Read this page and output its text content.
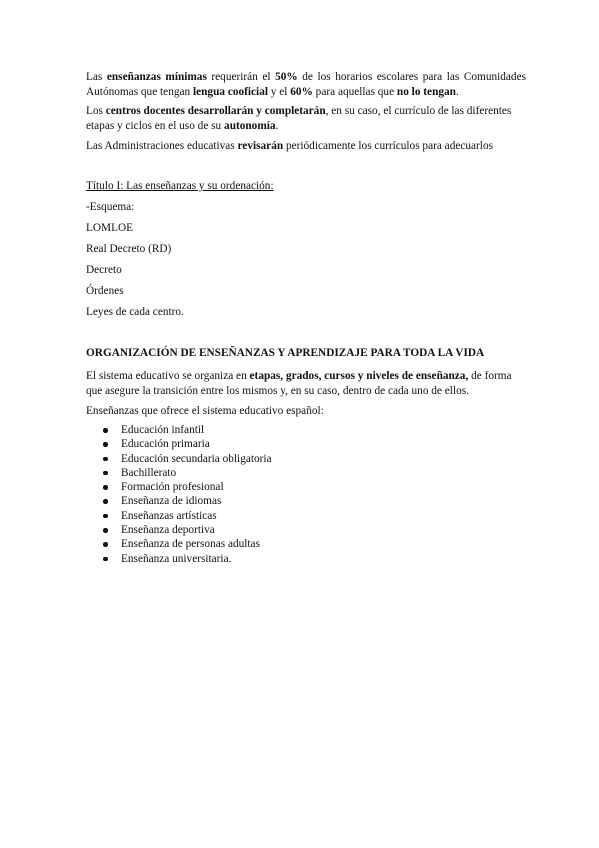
Las enseñanzas mínimas requerirán el 50% de los horarios escolares para las Comunidades Autónomas que tengan lengua cooficial y el 60% para aquellas que no lo tengan.

Los centros docentes desarrollarán y completarán, en su caso, el currículo de las diferentes etapas y ciclos en el uso de su autonomía.

Las Administraciones educativas revisarán periódicamente los currículos para adecuarlos

Título I: Las enseñanzas y su ordenación:

-Esquema:

LOMLOE

Real Decreto (RD)

Decreto

Órdenes

Leyes de cada centro.

ORGANIZACIÓN DE ENSEÑANZAS Y APRENDIZAJE PARA TODA LA VIDA

El sistema educativo se organiza en etapas, grados, cursos y niveles de enseñanza, de forma que asegure la transición entre los mismos y, en su caso, dentro de cada uno de ellos.

Enseñanzas que ofrece el sistema educativo español:

Educación infantil
Educación primaria
Educación secundaria obligatoria
Bachillerato
Formación profesional
Enseñanza de idiomas
Enseñanzas artísticas
Enseñanza deportiva
Enseñanza de personas adultas
Enseñanza universitaria.
